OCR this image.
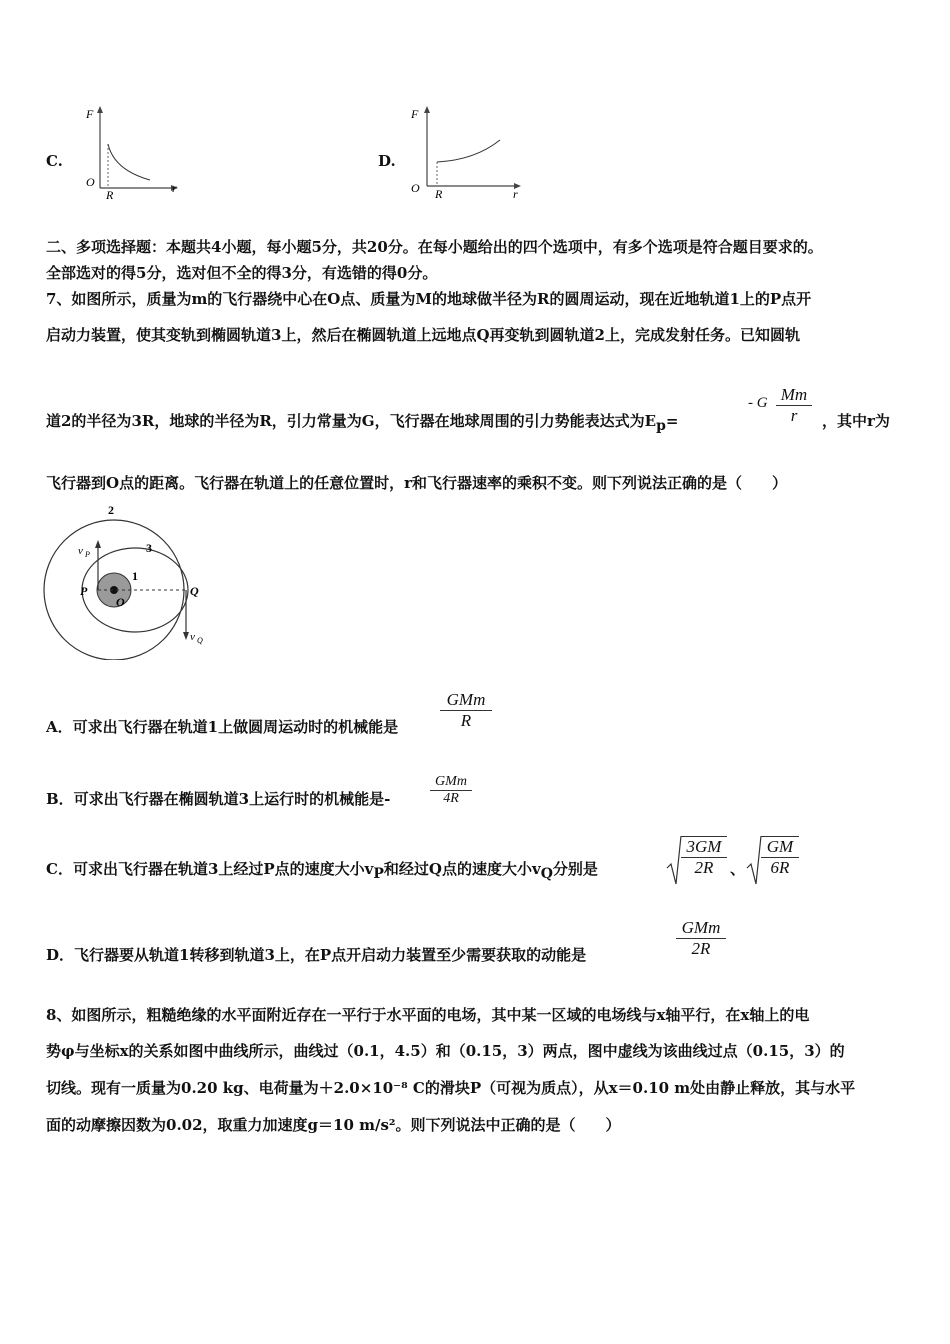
C.
F
O
R	r
D.
F
O R	r
二、多项选择题：本题共4小题，每小题5分，共20分。在每小题给出的四个选项中，有多个选项是符合题目要求的。
全部选对的得5分，选对但不全的得3分，有选错的得0分。
7、如图所示，质量为m的飞行器绕中心在O点、质量为M的地球做半径为R的圆周运动，现在近地轨道1上的P点开
启动力装置，使其变轨到椭圆轨道3上，然后在椭圆轨道上远地点Q再变轨到圆轨道2上，完成发射任务。已知圆轨
道2的半径为3R，地球的半径为R，引力常量为G，飞行器在地球周围的引力势能表达式为$E_p=$
- G $\frac{Mm}{r}$ ，其中r为
飞行器到O点的距离。飞行器在轨道上的任意位置时，r和飞行器速率的乘积不变。则下列说法正确的是（　　）
2
3
1
v P
v Q
P
O
Q
A．可求出飞行器在轨道1上做圆周运动时的机械能是
GMm
R
B．可求出飞行器在椭圆轨道3上运行时的机械能是-
GMm
4R
C．可求出飞行器在轨道3上经过P点的速度大小$v_P$和经过Q点的速度大小$v_Q$分别是	$\frac{3GM}{2R}$ 、 $\frac{GM}{6R}$
D．飞行器要从轨道1转移到轨道3上，在P点开启动力装置至少需要获取的动能是
GMm
2R
8、如图所示，粗糙绝缘的水平面附近存在一平行于水平面的电场，其中某一区域的电场线与x轴平行，在x轴上的电
势φ与坐标x的关系如图中曲线所示，曲线过（0.1，4.5）和（0.15，3）两点，图中虚线为该曲线过点（0.15，3）的
切线。现有一质量为0.20 kg、电荷量为＋2.0×10⁻⁸ C的滑块P（可视为质点），从x＝0.10 m处由静止释放，其与水平
面的动摩擦因数为0.02，取重力加速度g＝10 m/s²。则下列说法中正确的是（　　）
